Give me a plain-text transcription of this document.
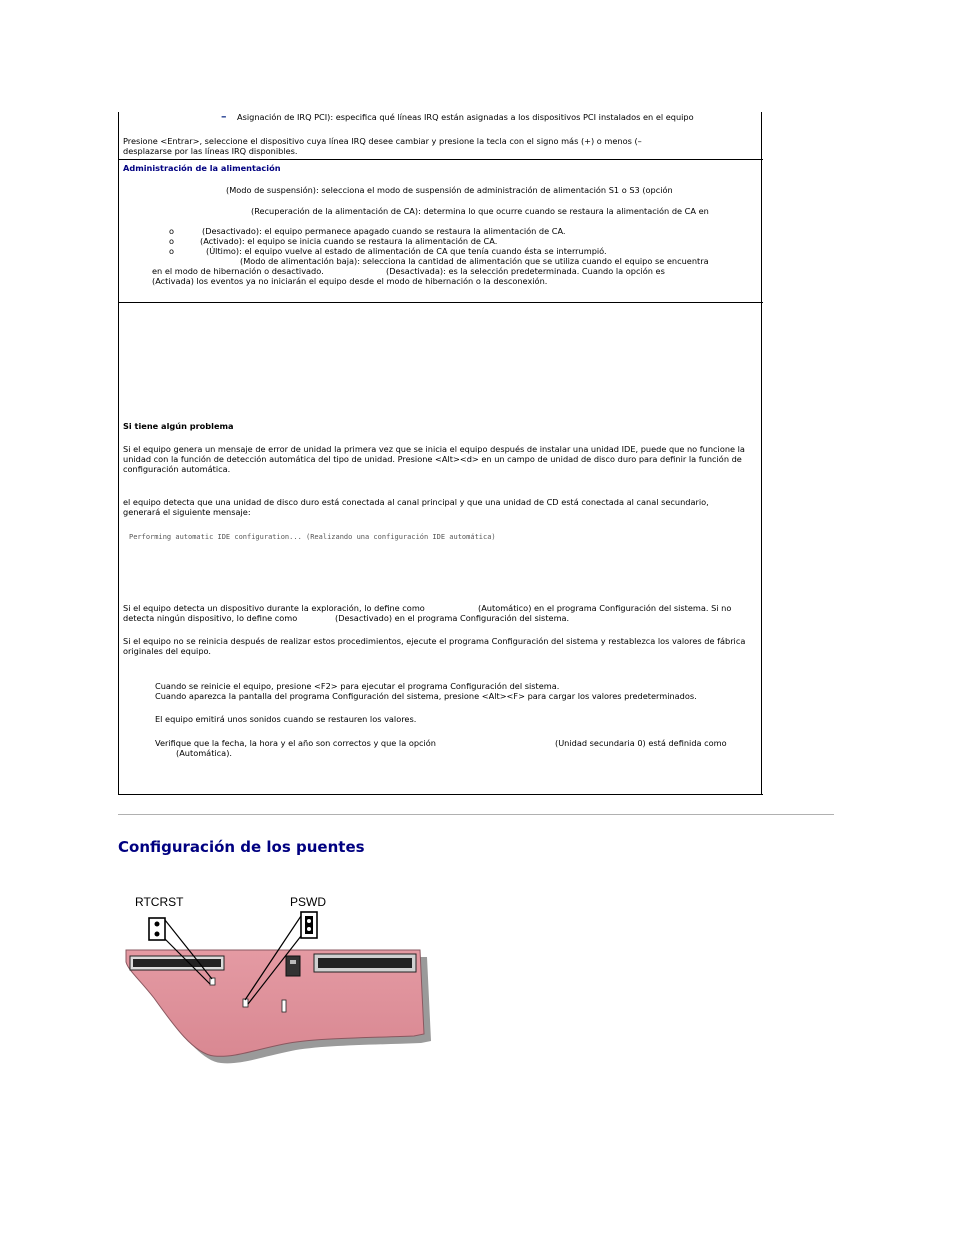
– Asignación de IRQ PCI): especifica qué líneas IRQ están asignadas a los dispositivos PCI instalados en el equipo
Presione <Entrar>, seleccione el dispositivo cuya línea IRQ desee cambiar y presione la tecla con el signo más (+) o menos (–
desplazarse por las líneas IRQ disponibles.
Administración de la alimentación
(Modo de suspensión): selecciona el modo de suspensión de administración de alimentación S1 o S3 (opción
(Recuperación de la alimentación de CA): determina lo que ocurre cuando se restaura la alimentación de CA en
o	(Desactivado): el equipo permanece apagado cuando se restaura la alimentación de CA.
o	(Activado): el equipo se inicia cuando se restaura la alimentación de CA.
o	(Último): el equipo vuelve al estado de alimentación de CA que tenía cuando ésta se interrumpió.
(Modo de alimentación baja): selecciona la cantidad de alimentación que se utiliza cuando el equipo se encuentra
en el modo de hibernación o desactivado.	(Desactivada): es la selección predeterminada. Cuando la opción es
(Activada) los eventos ya no iniciarán el equipo desde el modo de hibernación o la desconexión.
Si tiene algún problema
Si el equipo genera un mensaje de error de unidad la primera vez que se inicia el equipo después de instalar una unidad IDE, puede que no funcione la unidad con la función de detección automática del tipo de unidad. Presione <Alt><d> en un campo de unidad de disco duro para definir la función de configuración automática.
el equipo detecta que una unidad de disco duro está conectada al canal principal y que una unidad de CD está conectada al canal secundario, generará el siguiente mensaje:
Performing automatic IDE configuration... (Realizando una configuración IDE automática)
Si el equipo detecta un dispositivo durante la exploración, lo define como	(Automático) en el programa Configuración del sistema. Si no
detecta ningún dispositivo, lo define como	(Desactivado) en el programa Configuración del sistema.
Si el equipo no se reinicia después de realizar estos procedimientos, ejecute el programa Configuración del sistema y restablezca los valores de fábrica originales del equipo.
Cuando se reinicie el equipo, presione <F2> para ejecutar el programa Configuración del sistema.
Cuando aparezca la pantalla del programa Configuración del sistema, presione <Alt><F> para cargar los valores predeterminados.
El equipo emitirá unos sonidos cuando se restauren los valores.
Verifique que la fecha, la hora y el año son correctos y que la opción	(Unidad secundaria 0) está definida como
(Automática).
Configuración de los puentes
RTCRST	PSWD
